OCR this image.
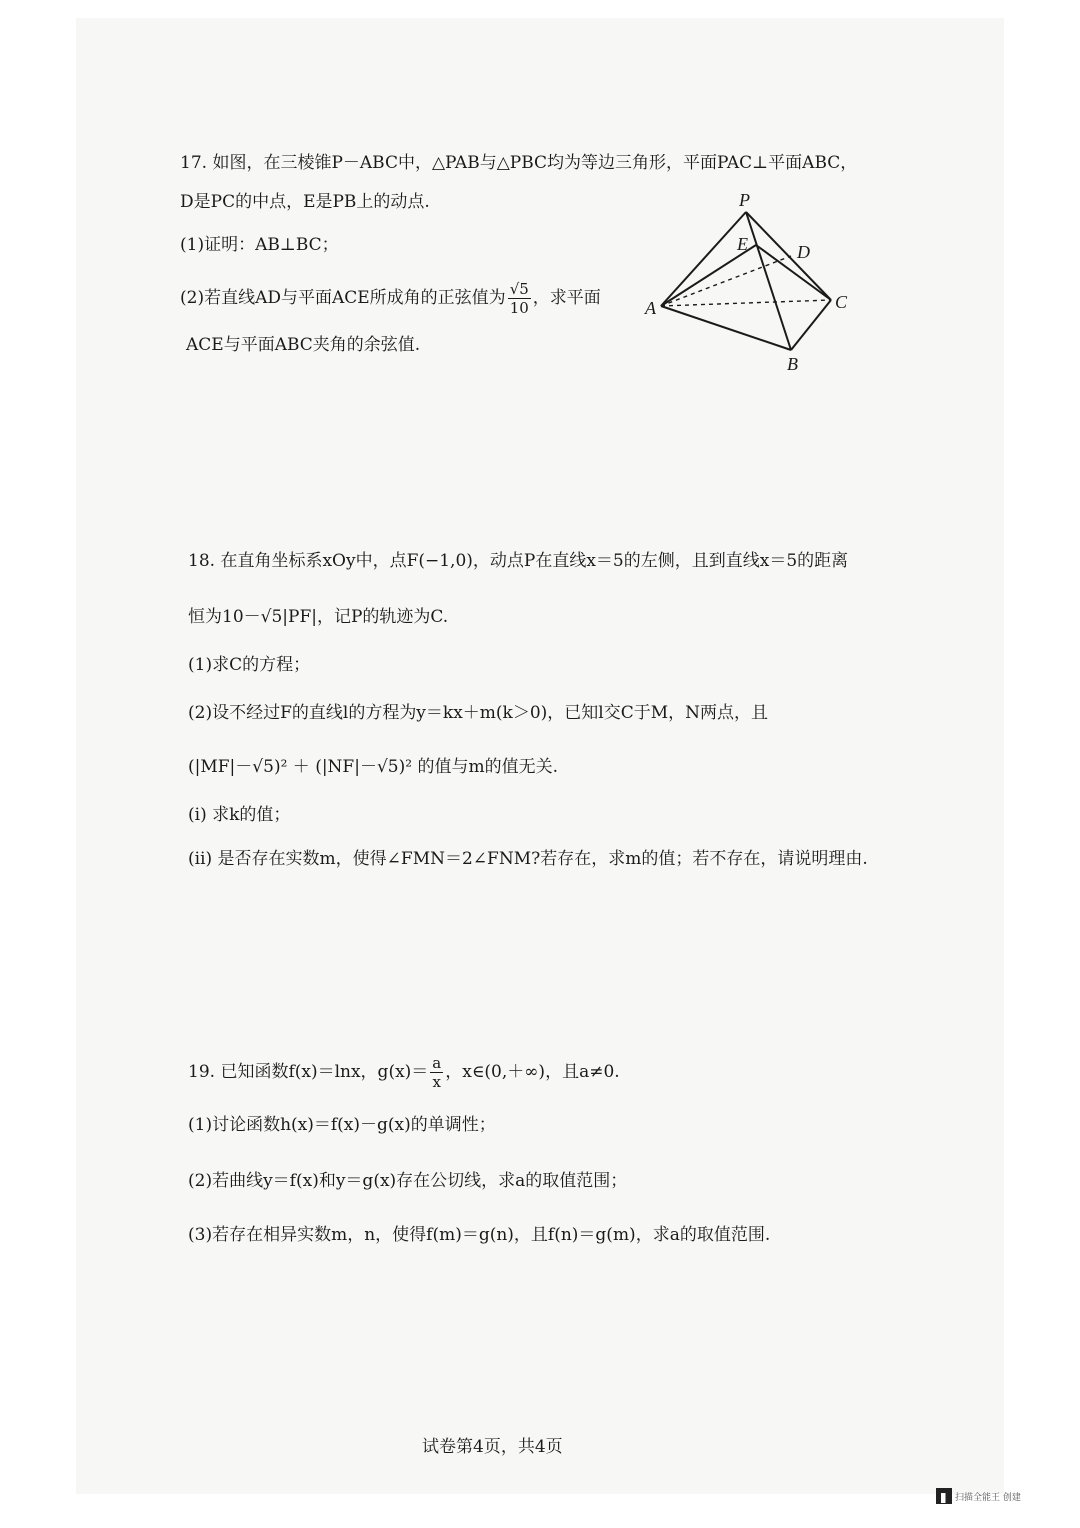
17. 如图，在三棱锥P－ABC中，△PAB与△PBC均为等边三角形，平面PAC⊥平面ABC，
D是PC的中点，E是PB上的动点.
(1)证明：AB⊥BC；
(2)若直线AD与平面ACE所成角的正弦值为 $\frac{√5}{10}$ ，求平面
ACE与平面ABC夹角的余弦值.
P
E	D
A	C
B
18. 在直角坐标系xOy中，点F(−1,0)，动点P在直线x＝5的左侧，且到直线x＝5的距离
恒为10－√5|PF|，记P的轨迹为C.
(1)求C的方程；
(2)设不经过F的直线l的方程为y＝kx＋m(k＞0)，已知l交C于M，N两点，且
(|MF|－√5)² ＋ (|NF|－√5)² 的值与m的值无关.
(ⅰ) 求k的值；
(ⅱ) 是否存在实数m，使得∠FMN＝2∠FNM?若存在，求m的值；若不存在，请说明理由.
19. 已知函数f(x)＝lnx，$g(x)= \frac{a}{x}$ ，x∈(0,＋∞)，且a≠0.
(1)讨论函数h(x)＝f(x)－g(x)的单调性；
(2)若曲线y＝f(x)和y＝g(x)存在公切线，求a的取值范围；
(3)若存在相异实数m，n，使得f(m)＝g(n)，且f(n)＝g(m)，求a的取值范围.
试卷第4页，共4页
扫描全能王 创建
